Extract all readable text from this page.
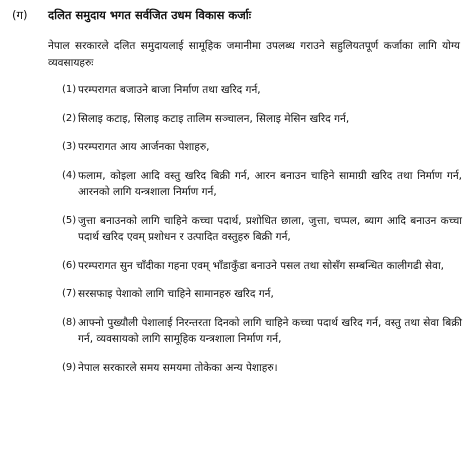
(ग) दलित समुदाय भगत सर्वजित उधम विकास कर्जाः
नेपाल सरकारले दलित समुदायलाई सामूहिक जमानीमा उपलब्ध गराउने सहुलियतपूर्ण कर्जाका लागि योग्य व्यवसायहरुः
(1) परम्परागत बजाउने बाजा निर्माण तथा खरिद गर्न,
(2) सिलाइ कटाइ, सिलाइ कटाइ तालिम सञ्चालन, सिलाइ मेसिन खरिद गर्न,
(3) परम्परागत आय आर्जनका पेशाहरु,
(4) फलाम, कोइला आदि वस्तु खरिद बिक्री गर्न, आरन बनाउन चाहिने सामाग्री खरिद तथा निर्माण गर्न, आरनको लागि यन्त्रशाला निर्माण गर्न,
(5) जुत्ता बनाउनको लागि चाहिने कच्चा पदार्थ, प्रशोधित छाला, जुत्ता, चप्पल, ब्याग आदि बनाउन कच्चा पदार्थ खरिद एवम् प्रशोधन र उत्पादित वस्तुहरु बिक्री गर्न,
(6) परम्परागत सुन चाँदीका गहना एवम् भाँडाकुँडा बनाउने पसल तथा सोसँग सम्बन्धित कालीगढी सेवा,
(7) सरसफाइ पेशाको लागि चाहिने सामानहरु खरिद गर्न,
(8) आफ्नो पुख्यौली पेशालाई निरन्तरता दिनको लागि चाहिने कच्चा पदार्थ खरिद गर्न, वस्तु तथा सेवा बिक्री गर्न, व्यवसायको लागि सामूहिक यन्त्रशाला निर्माण गर्न,
(9) नेपाल सरकारले समय समयमा तोकेका अन्य पेशाहरु।
